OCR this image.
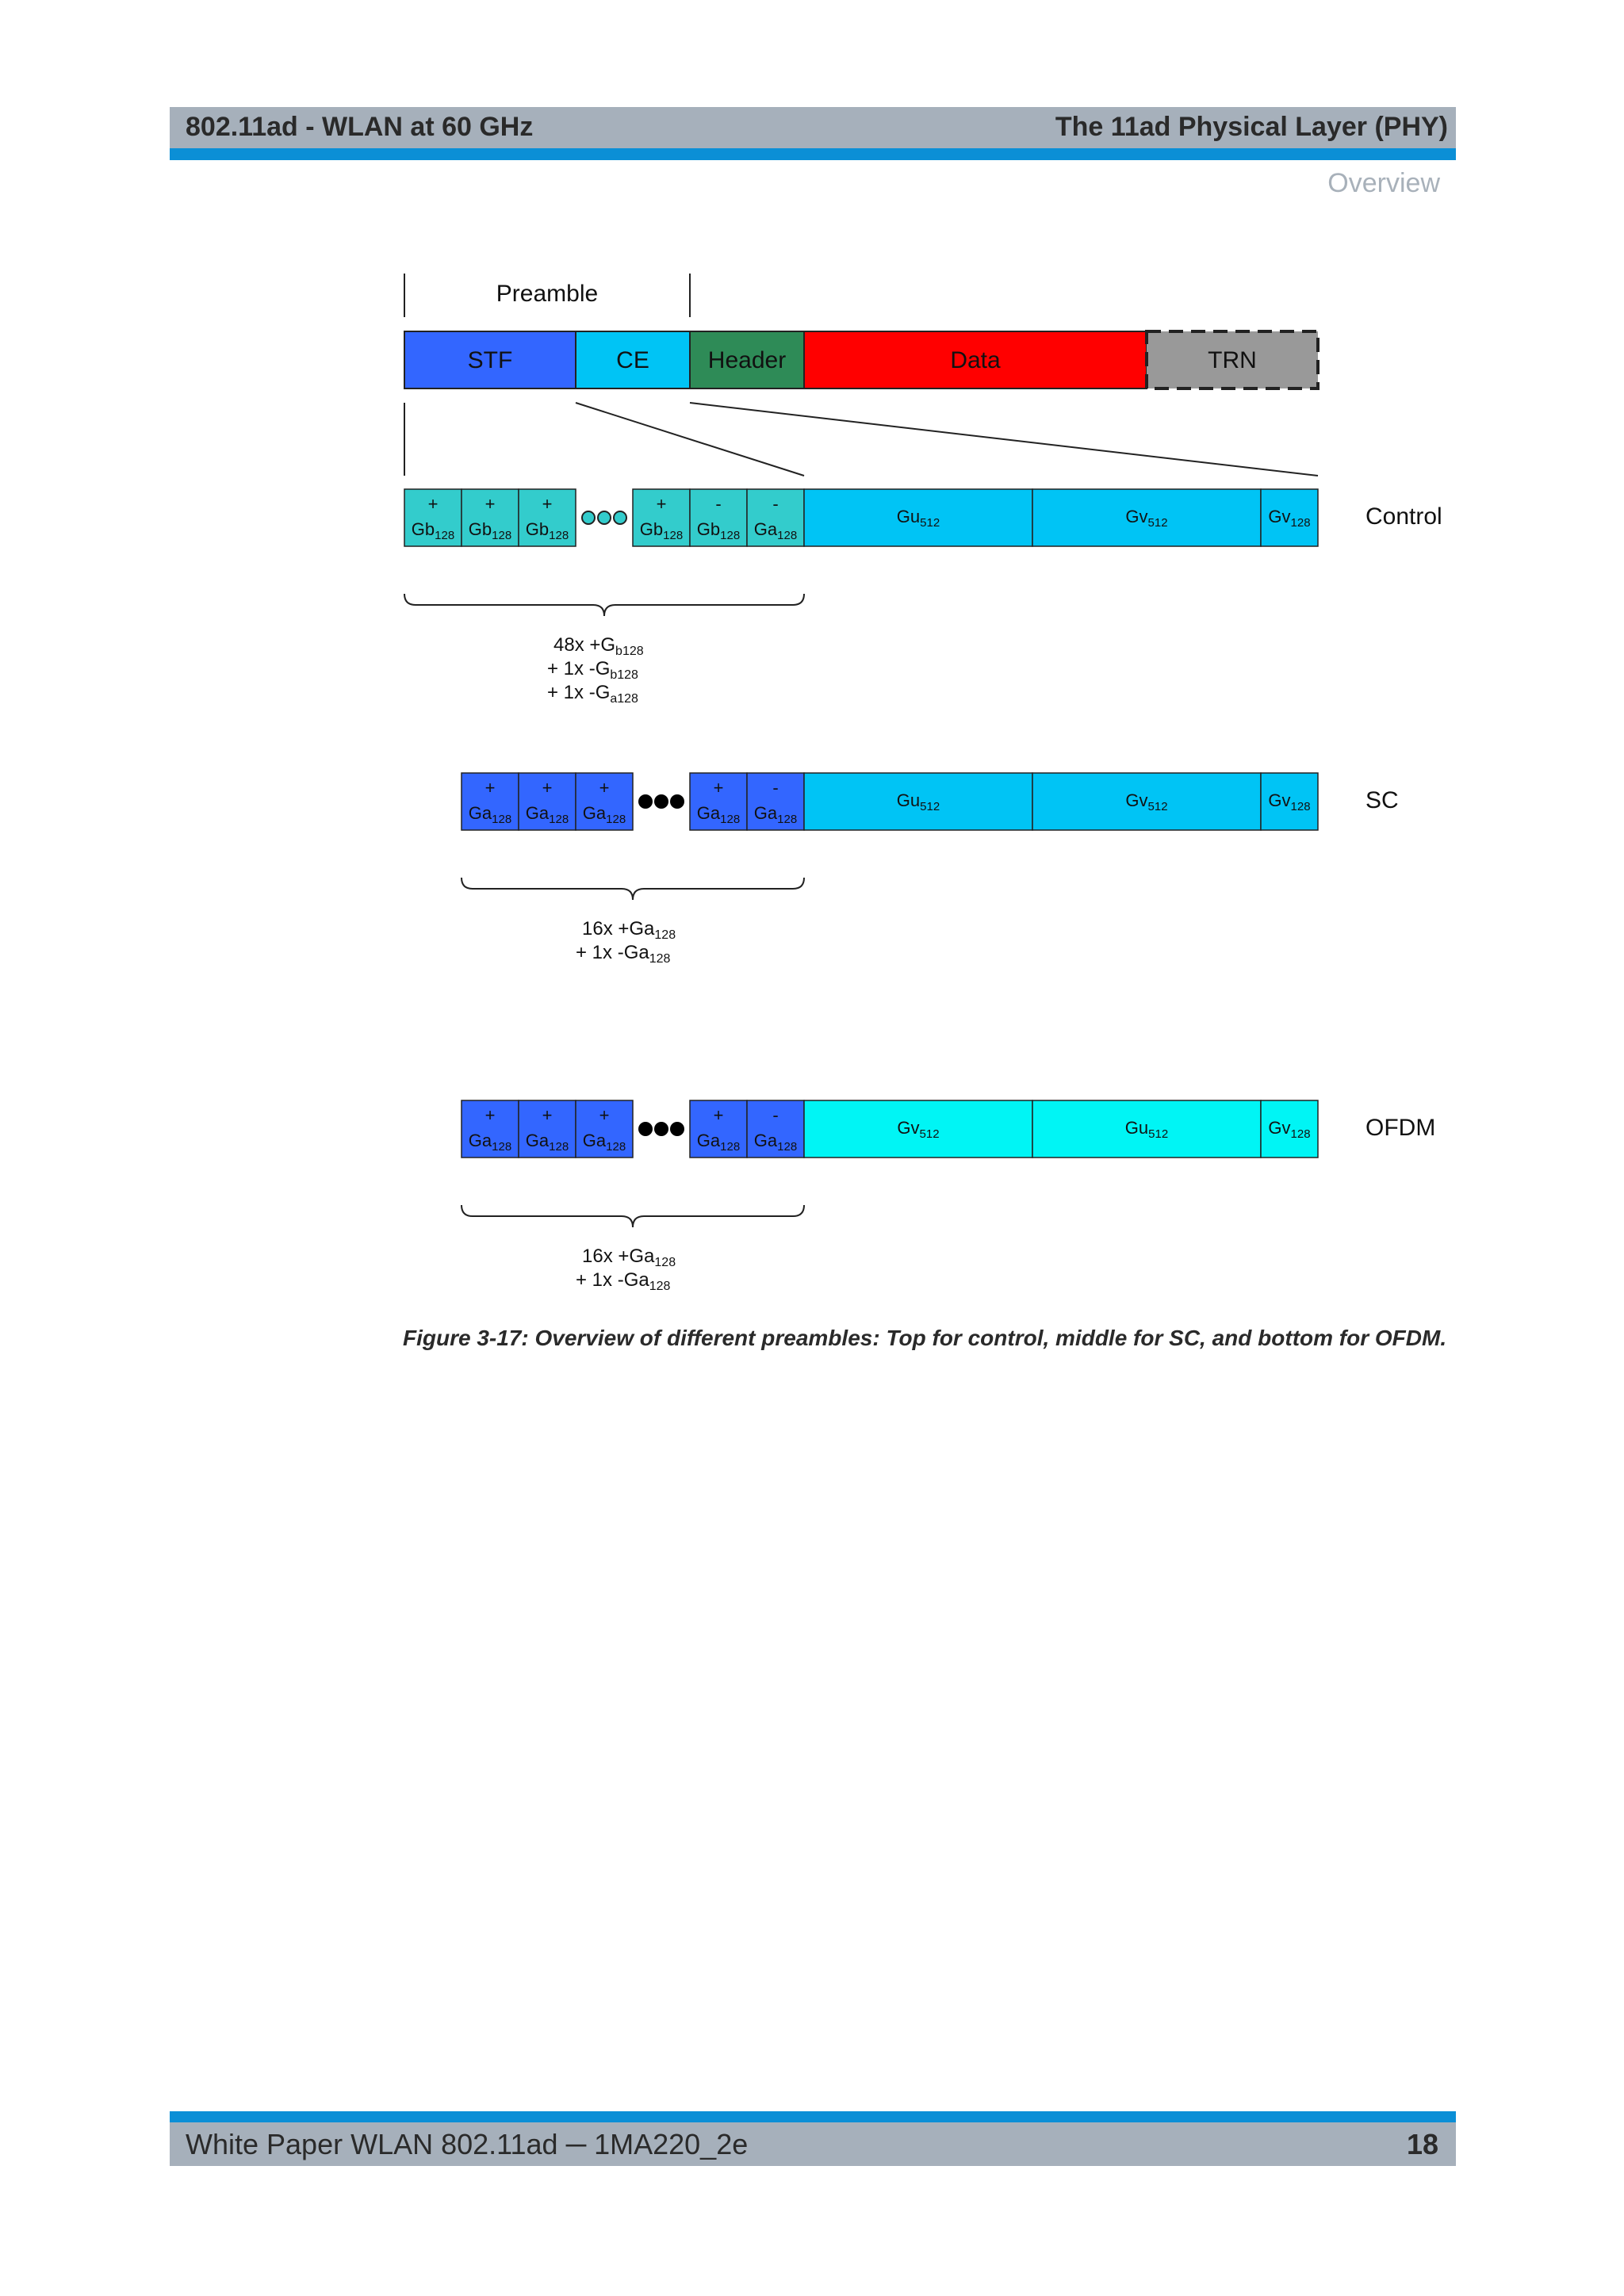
802.11ad - WLAN at 60 GHz	The 11ad Physical Layer (PHY)
Overview
Preamble
STF	CE Header	Data	TRN
+
$Gb_{128}$
+
$Gb_{128}$
+
$Gb_{128}$
+
$Gb_{128}$
-
$Gb_{128}$
-
$Ga_{128}$
$Gu_{512}$	$Gv_{512}$	$Gv_{128}$ Control
$48x +G_{b128}$
+ 1x $-G_{b128}$
+ 1x $-G_{a128}$
+
$Ga_{128}$
+
$Ga_{128}$
+
$Ga_{128}$
+
$Ga_{128}$
-
$Ga_{128}$
$Gu_{512}$	$Gv_{512}$	$Gv_{128}$ SC
$16x +Ga_{128}$
+ 1x $-Ga_{128}$
+
$Ga_{128}$
+
$Ga_{128}$
+
$Ga_{128}$
+
$Ga_{128}$
-
$Ga_{128}$
$Gv_{512}$	$Gu_{512}$	$Gv_{128}$ OFDM
$16x +Ga_{128}$
+ 1x $-Ga_{128}$
Figure 3-17: Overview of different preambles: Top for control, middle for SC, and bottom for OFDM.
White Paper WLAN 802.11ad ─ 1MA220_2e	18
